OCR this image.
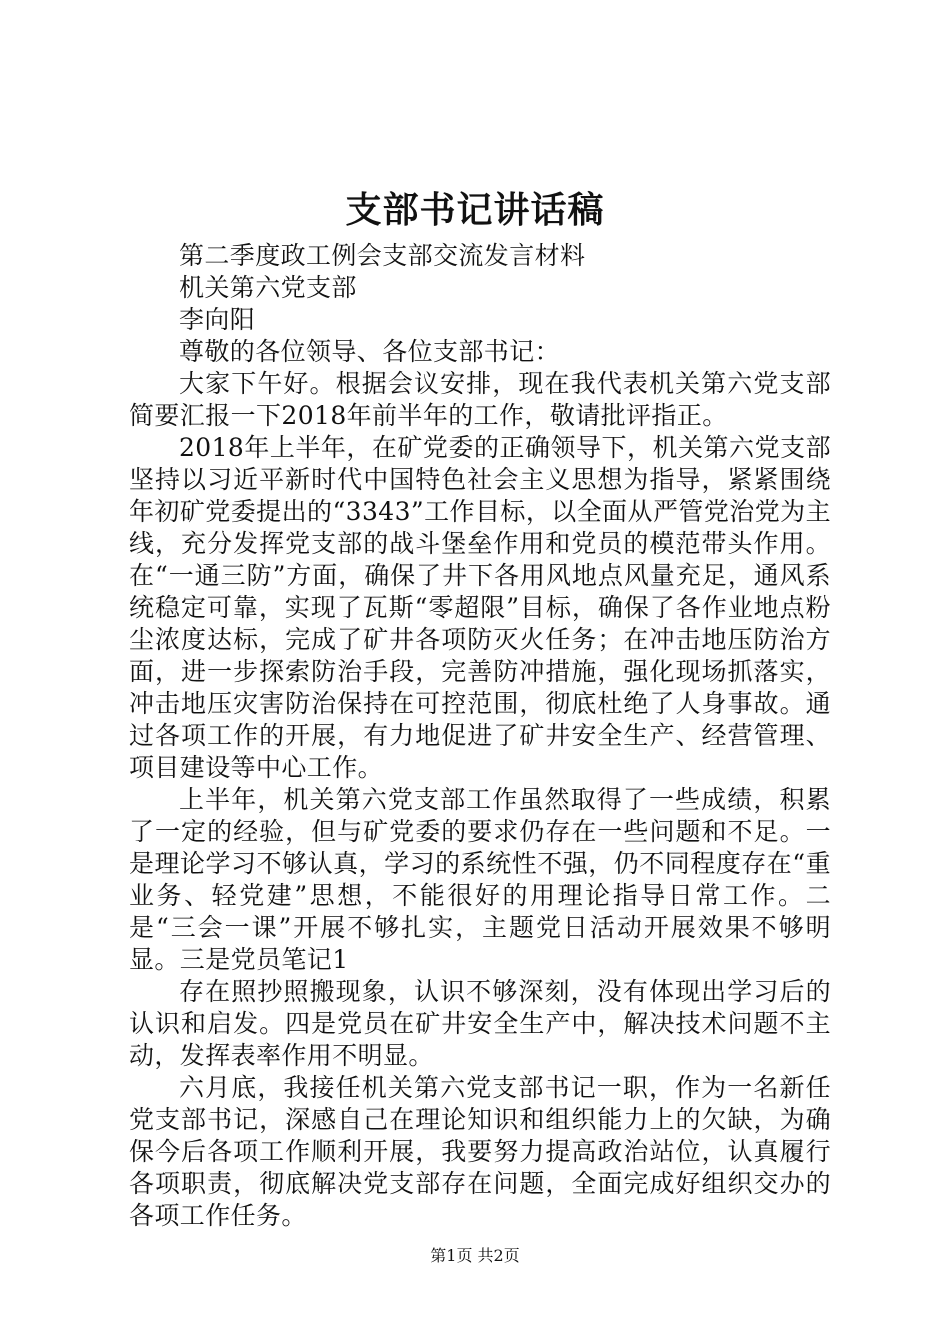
支部书记讲话稿

第二季度政工例会支部交流发言材料

机关第六党支部

李向阳

尊敬的各位领导、各位支部书记：

大家下午好。根据会议安排，现在我代表机关第六党支部简要汇报一下2018年前半年的工作，敬请批评指正。

2018年上半年，在矿党委的正确领导下，机关第六党支部坚持以习近平新时代中国特色社会主义思想为指导，紧紧围绕年初矿党委提出的“3343”工作目标，以全面从严管党治党为主线，充分发挥党支部的战斗堡垒作用和党员的模范带头作用。在“一通三防”方面，确保了井下各用风地点风量充足，通风系统稳定可靠，实现了瓦斯“零超限”目标，确保了各作业地点粉尘浓度达标，完成了矿井各项防灭火任务；在冲击地压防治方面，进一步探索防治手段，完善防冲措施，强化现场抓落实，冲击地压灾害防治保持在可控范围，彻底杜绝了人身事故。通过各项工作的开展，有力地促进了矿井安全生产、经营管理、项目建设等中心工作。

上半年，机关第六党支部工作虽然取得了一些成绩，积累了一定的经验，但与矿党委的要求仍存在一些问题和不足。一是理论学习不够认真，学习的系统性不强，仍不同程度存在“重业务、轻党建”思想，不能很好的用理论指导日常工作。二是“三会一课”开展不够扎实，主题党日活动开展效果不够明显。三是党员笔记1

存在照抄照搬现象，认识不够深刻，没有体现出学习后的认识和启发。四是党员在矿井安全生产中，解决技术问题不主动，发挥表率作用不明显。

六月底，我接任机关第六党支部书记一职，作为一名新任党支部书记，深感自己在理论知识和组织能力上的欠缺，为确保今后各项工作顺利开展，我要努力提高政治站位，认真履行各项职责，彻底解决党支部存在问题，全面完成好组织交办的各项工作任务。

第1页 共2页
